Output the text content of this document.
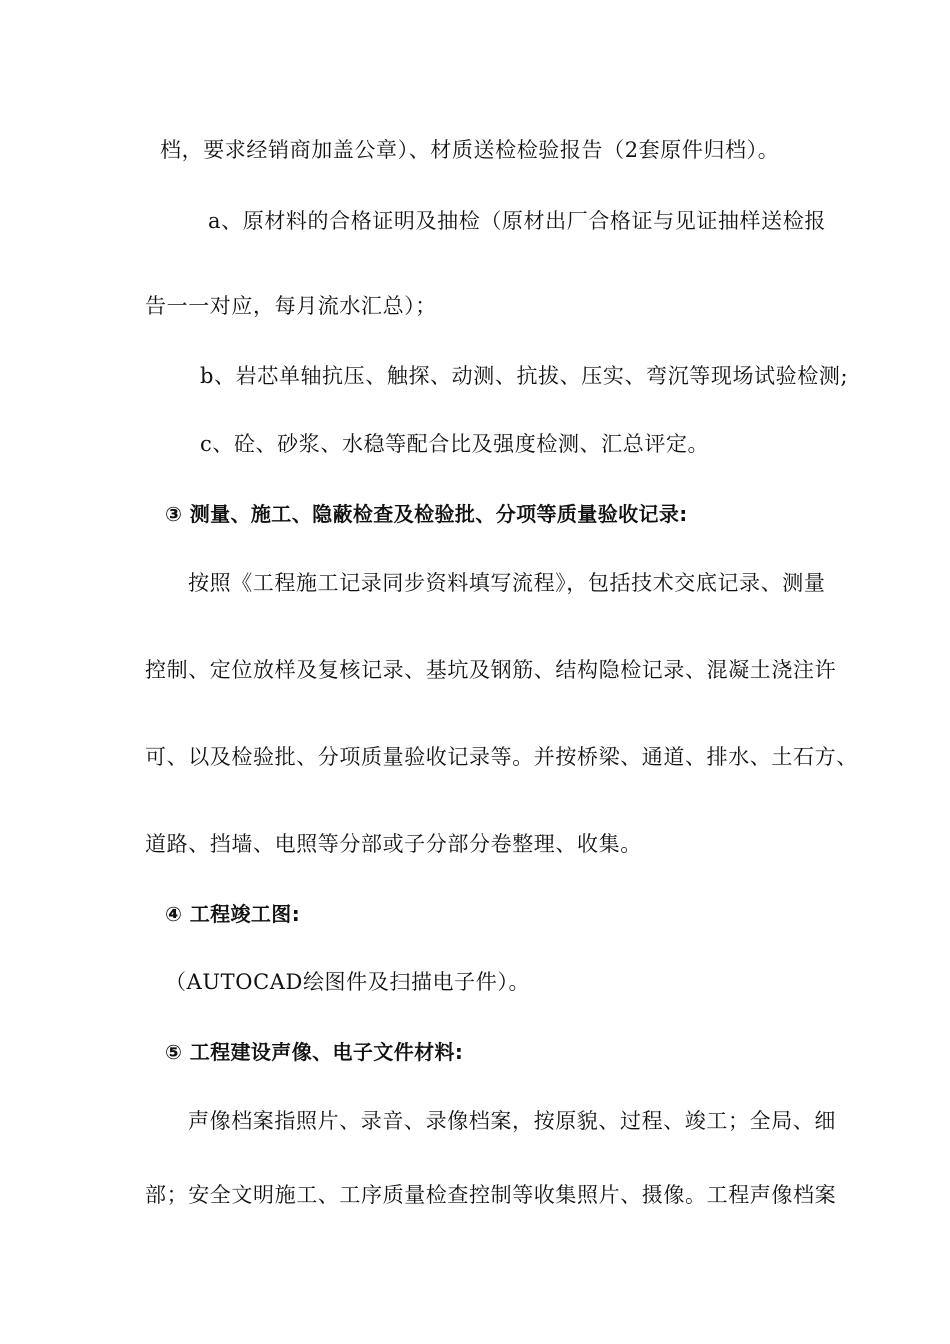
档，要求经销商加盖公章）、材质送检检验报告（2套原件归档）。
a、原材料的合格证明及抽检（原材出厂合格证与见证抽样送检报
告一一对应，每月流水汇总）；
b、岩芯单轴抗压、触探、动测、抗拔、压实、弯沉等现场试验检测;
c、砼、砂浆、水稳等配合比及强度检测、汇总评定。
③ 测量、施工、隐蔽检查及检验批、分项等质量验收记录:
按照《工程施工记录同步资料填写流程》，包括技术交底记录、测量
控制、定位放样及复核记录、基坑及钢筋、结构隐检记录、混凝土浇注许
可、以及检验批、分项质量验收记录等。并按桥梁、通道、排水、土石方、
道路、挡墙、电照等分部或子分部分卷整理、收集。
④ 工程竣工图:
（AUTOCAD绘图件及扫描电子件）。
⑤ 工程建设声像、电子文件材料:
声像档案指照片、录音、录像档案，按原貌、过程、竣工；全局、细
部；安全文明施工、工序质量检查控制等收集照片、摄像。工程声像档案
